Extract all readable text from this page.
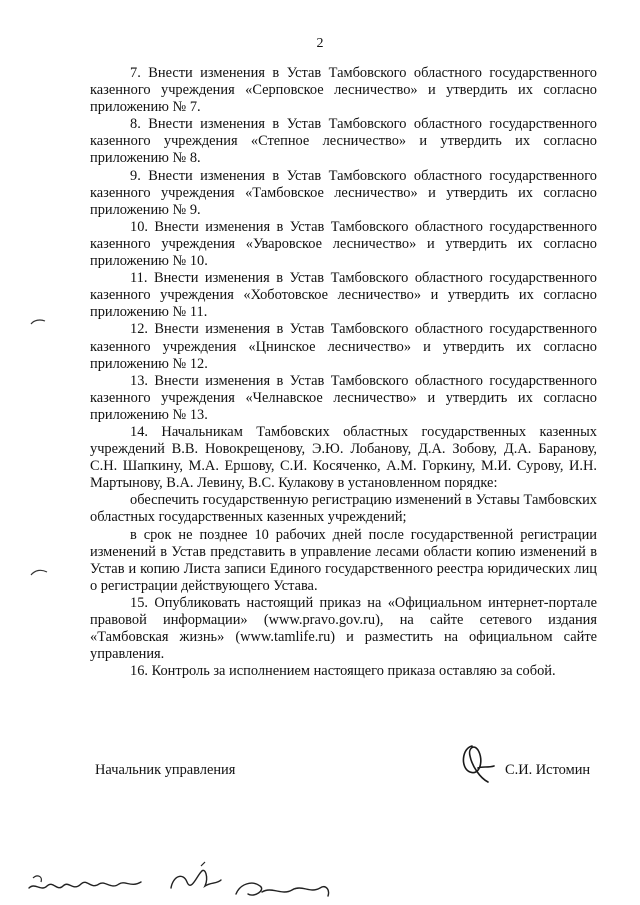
2

7. Внести изменения в Устав Тамбовского областного государственного казенного учреждения «Серповское лесничество» и утвердить их согласно приложению № 7.

8. Внести изменения в Устав Тамбовского областного государственного казенного учреждения «Степное лесничество» и утвердить их согласно приложению № 8.

9. Внести изменения в Устав Тамбовского областного государственного казенного учреждения «Тамбовское лесничество» и утвердить их согласно приложению № 9.

10. Внести изменения в Устав Тамбовского областного государственного казенного учреждения «Уваровское лесничество» и утвердить их согласно приложению № 10.

11. Внести изменения в Устав Тамбовского областного государственного казенного учреждения «Хоботовское лесничество» и утвердить их согласно приложению № 11.

12. Внести изменения в Устав Тамбовского областного государственного казенного учреждения «Цнинское лесничество» и утвердить их согласно приложению № 12.

13. Внести изменения в Устав Тамбовского областного государственного казенного учреждения «Челнавское лесничество» и утвердить их согласно приложению № 13.

14. Начальникам Тамбовских областных государственных казенных учреждений В.В. Новокрещенову, Э.Ю. Лобанову, Д.А. Зобову, Д.А. Баранову, С.Н. Шапкину, М.А. Ершову, С.И. Косяченко, А.М. Горкину, М.И. Сурову, И.Н. Мартынову, В.А. Левину, В.С. Кулакову в установленном порядке:

обеспечить государственную регистрацию изменений в Уставы Тамбовских областных государственных казенных учреждений;

в срок не позднее 10 рабочих дней после государственной регистрации изменений в Устав представить в управление лесами области копию изменений в Устав и копию Листа записи Единого государственного реестра юридических лиц о регистрации действующего Устава.

15. Опубликовать настоящий приказ на «Официальном интернет-портале правовой информации» (www.pravo.gov.ru), на сайте сетевого издания «Тамбовская жизнь» (www.tamlife.ru) и разместить на официальном сайте управления.

16. Контроль за исполнением настоящего приказа оставляю за собой.

Начальник управления	С.И. Истомин
